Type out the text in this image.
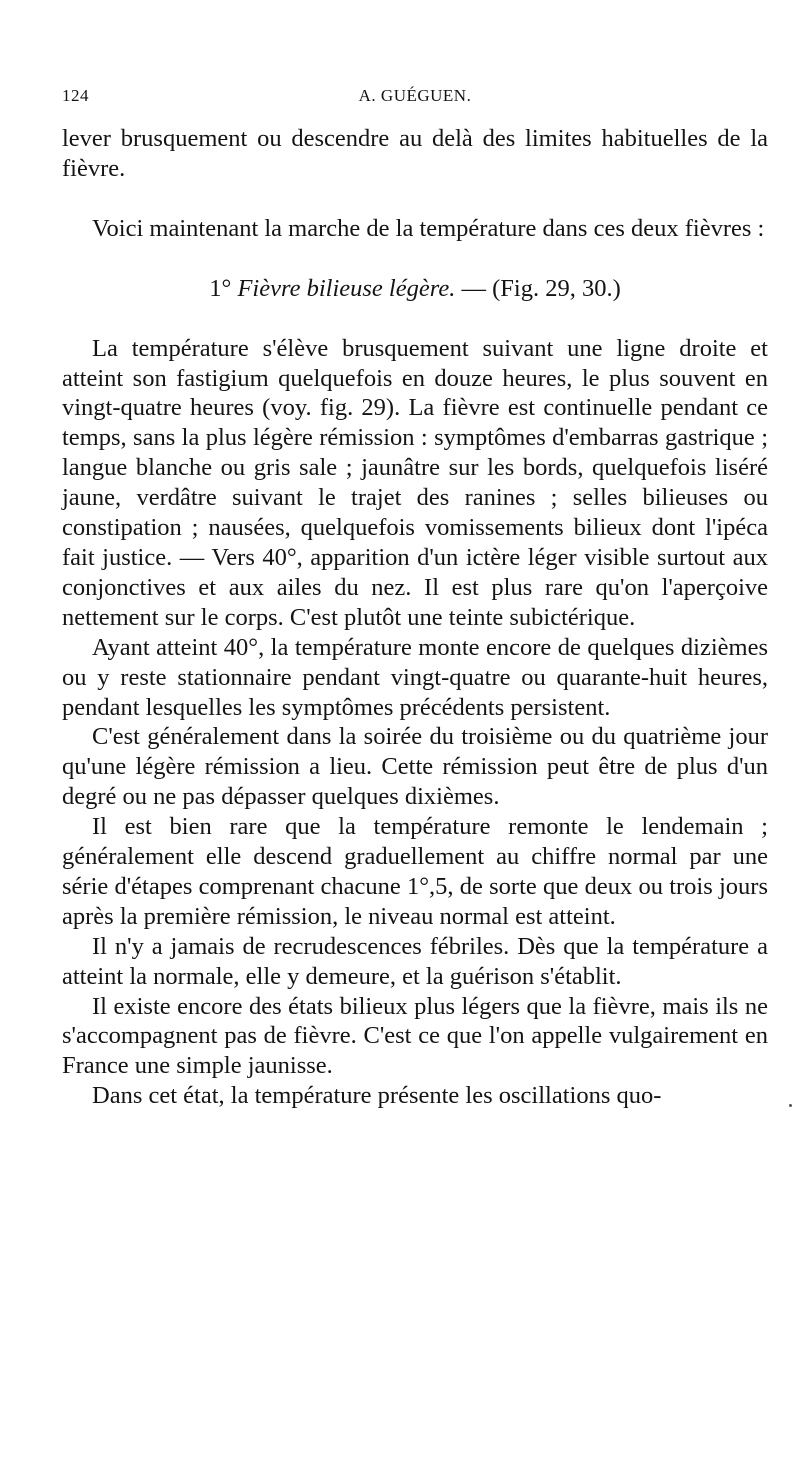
124	A. GUÉGUEN.

lever brusquement ou descendre au delà des limites habituelles de la fièvre.

Voici maintenant la marche de la température dans ces deux fièvres :

1° Fièvre bilieuse légère. — (Fig. 29, 30.)

La température s'élève brusquement suivant une ligne droite et atteint son fastigium quelquefois en douze heures, le plus souvent en vingt-quatre heures (voy. fig. 29). La fièvre est continuelle pendant ce temps, sans la plus légère rémission : symptômes d'embarras gastrique ; langue blanche ou gris sale ; jaunâtre sur les bords, quelquefois liséré jaune, verdâtre suivant le trajet des ranines ; selles bilieuses ou constipation ; nausées, quelquefois vomissements bilieux dont l'ipéca fait justice. — Vers 40°, apparition d'un ictère léger visible surtout aux conjonctives et aux ailes du nez. Il est plus rare qu'on l'aperçoive nettement sur le corps. C'est plutôt une teinte subictérique.

Ayant atteint 40°, la température monte encore de quelques dizièmes ou y reste stationnaire pendant vingt-quatre ou quarante-huit heures, pendant lesquelles les symptômes précédents persistent.

C'est généralement dans la soirée du troisième ou du quatrième jour qu'une légère rémission a lieu. Cette rémission peut être de plus d'un degré ou ne pas dépasser quelques dixièmes.

Il est bien rare que la température remonte le lendemain ; généralement elle descend graduellement au chiffre normal par une série d'étapes comprenant chacune 1°,5, de sorte que deux ou trois jours après la première rémission, le niveau normal est atteint.

Il n'y a jamais de recrudescences fébriles. Dès que la température a atteint la normale, elle y demeure, et la guérison s'établit.

Il existe encore des états bilieux plus légers que la fièvre, mais ils ne s'accompagnent pas de fièvre. C'est ce que l'on appelle vulgairement en France une simple jaunisse.

Dans cet état, la température présente les oscillations quo-
